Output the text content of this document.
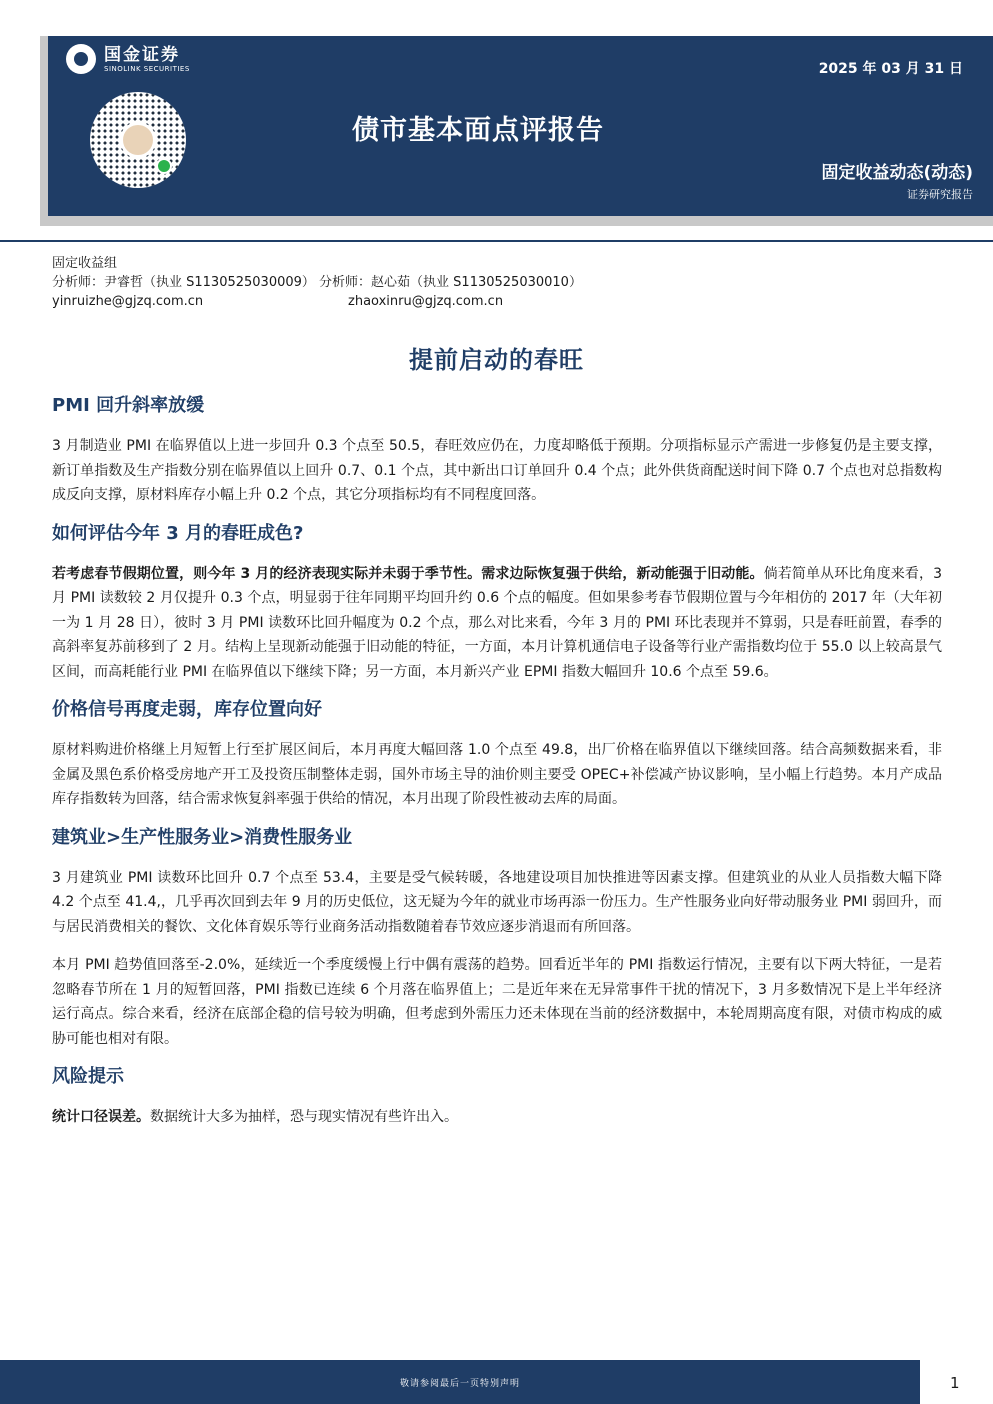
国金证券
SINOLINK SECURITIES	2025 年 03 月 31 日
债市基本面点评报告
固定收益动态(动态)
证券研究报告
固定收益组
分析师：尹睿哲（执业 S1130525030009） 分析师：赵心茹（执业 S1130525030010）
yinruizhe@gjzq.com.cn	zhaoxinru@gjzq.com.cn
提前启动的春旺
PMI 回升斜率放缓

3 月制造业 PMI 在临界值以上进一步回升 0.3 个点至 50.5，春旺效应仍在，力度却略低于预期。分项指标显示产需进一步修复仍是主要支撑，新订单指数及生产指数分别在临界值以上回升 0.7、0.1 个点，其中新出口订单回升 0.4 个点；此外供货商配送时间下降 0.7 个点也对总指数构成反向支撑，原材料库存小幅上升 0.2 个点，其它分项指标均有不同程度回落。

如何评估今年 3 月的春旺成色?

若考虑春节假期位置，则今年 3 月的经济表现实际并未弱于季节性。需求边际恢复强于供给，新动能强于旧动能。倘若简单从环比角度来看，3 月 PMI 读数较 2 月仅提升 0.3 个点，明显弱于往年同期平均回升约 0.6 个点的幅度。但如果参考春节假期位置与今年相仿的 2017 年（大年初一为 1 月 28 日），彼时 3 月 PMI 读数环比回升幅度为 0.2 个点，那么对比来看，今年 3 月的 PMI 环比表现并不算弱，只是春旺前置，春季的高斜率复苏前移到了 2 月。结构上呈现新动能强于旧动能的特征，一方面，本月计算机通信电子设备等行业产需指数均位于 55.0 以上较高景气区间，而高耗能行业 PMI 在临界值以下继续下降；另一方面，本月新兴产业 EPMI 指数大幅回升 10.6 个点至 59.6。

价格信号再度走弱，库存位置向好

原材料购进价格继上月短暂上行至扩展区间后，本月再度大幅回落 1.0 个点至 49.8，出厂价格在临界值以下继续回落。结合高频数据来看，非金属及黑色系价格受房地产开工及投资压制整体走弱，国外市场主导的油价则主要受 OPEC+补偿减产协议影响，呈小幅上行趋势。本月产成品库存指数转为回落，结合需求恢复斜率强于供给的情况，本月出现了阶段性被动去库的局面。

建筑业>生产性服务业>消费性服务业

3 月建筑业 PMI 读数环比回升 0.7 个点至 53.4，主要是受气候转暖，各地建设项目加快推进等因素支撑。但建筑业的从业人员指数大幅下降 4.2 个点至 41.4,，几乎再次回到去年 9 月的历史低位，这无疑为今年的就业市场再添一份压力。生产性服务业向好带动服务业 PMI 弱回升，而与居民消费相关的餐饮、文化体育娱乐等行业商务活动指数随着春节效应逐步消退而有所回落。

本月 PMI 趋势值回落至-2.0%，延续近一个季度缓慢上行中偶有震荡的趋势。回看近半年的 PMI 指数运行情况，主要有以下两大特征，一是若忽略春节所在 1 月的短暂回落，PMI 指数已连续 6 个月落在临界值上；二是近年来在无异常事件干扰的情况下，3 月多数情况下是上半年经济运行高点。综合来看，经济在底部企稳的信号较为明确，但考虑到外需压力还未体现在当前的经济数据中，本轮周期高度有限，对债市构成的威胁可能也相对有限。

风险提示

统计口径误差。数据统计大多为抽样，恐与现实情况有些许出入。

敬请参阅最后一页特别声明	1
